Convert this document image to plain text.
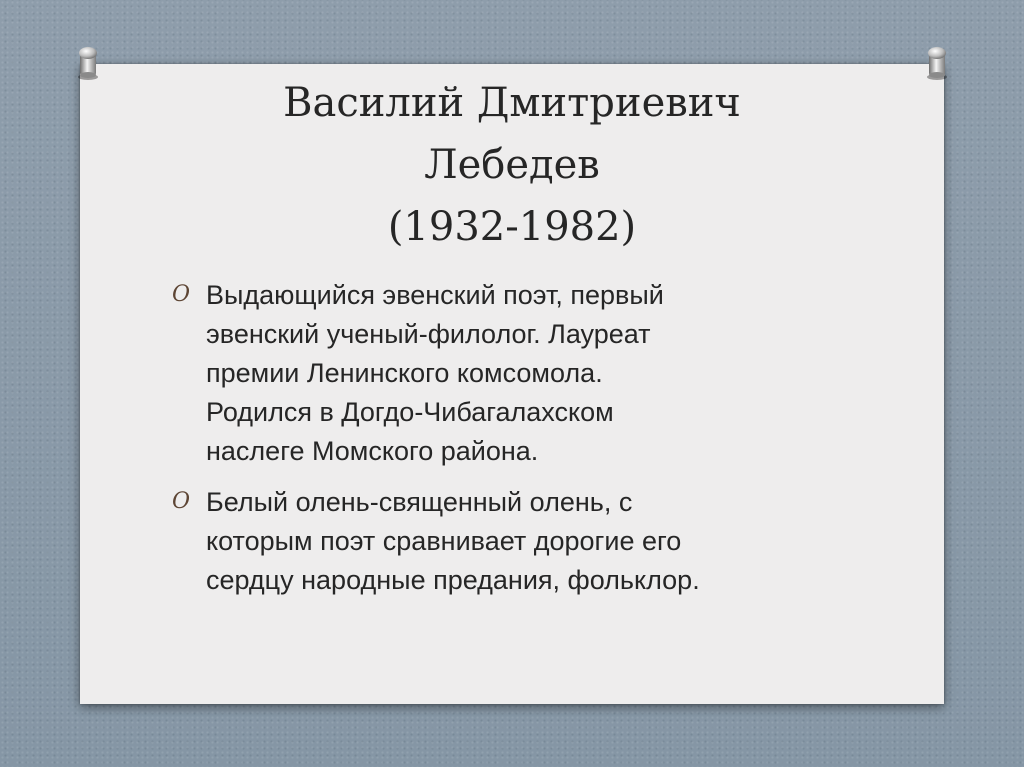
Василий Дмитриевич
Лебедев
(1932-1982)
O Выдающийся эвенский поэт, первый
эвенский ученый-филолог. Лауреат
премии Ленинского комсомола.
Родился в Догдо-Чибагалахском
наслеге Момского района.
O Белый олень-священный олень, с
которым поэт сравнивает дорогие его
сердцу народные предания, фольклор.
